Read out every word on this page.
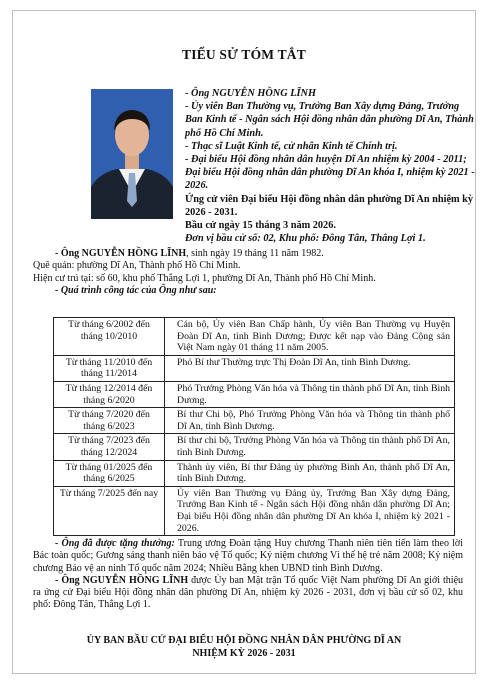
TIỂU SỬ TÓM TẮT

- Ông NGUYỄN HỒNG LĨNH

- Ủy viên Ban Thường vụ, Trưởng Ban Xây dựng Đảng, Trưởng Ban Kinh tế - Ngân sách Hội đồng nhân dân phường Dĩ An, Thành phố Hồ Chí Minh.

- Thạc sĩ Luật Kinh tế, cử nhân Kinh tế Chính trị.

- Đại biểu Hội đồng nhân dân huyện Dĩ An nhiệm kỳ 2004 - 2011; Đại biểu Hội đồng nhân dân phường Dĩ An khóa I, nhiệm kỳ 2021 - 2026.

Ứng cử viên Đại biểu Hội đồng nhân dân phường Dĩ An nhiệm kỳ 2026 - 2031.

Bầu cử ngày 15 tháng 3 năm 2026.

Đơn vị bầu cử số: 02, Khu phố: Đông Tân, Thắng Lợi 1.

- Ông NGUYỄN HỒNG LĨNH, sinh ngày 19 tháng 11 năm 1982.

Quê quán: phường Dĩ An, Thành phố Hồ Chí Minh.

Hiện cư trú tại: số 60, khu phố Thắng Lợi 1, phường Dĩ An, Thành phố Hồ Chí Minh.

- Quá trình công tác của Ông như sau:

Từ tháng 6/2002 đến tháng 10/2010	Cán bộ, Ủy viên Ban Chấp hành, Ủy viên Ban Thường vụ Huyện Đoàn Dĩ An, tỉnh Bình Dương; Được kết nạp vào Đảng Cộng sản Việt Nam ngày 01 tháng 11 năm 2005.
Từ tháng 11/2010 đến tháng 11/2014	Phó Bí thư Thường trực Thị Đoàn Dĩ An, tỉnh Bình Dương.
Từ tháng 12/2014 đến tháng 6/2020	Phó Trưởng Phòng Văn hóa và Thông tin thành phố Dĩ An, tỉnh Bình Dương.
Từ tháng 7/2020 đến tháng 6/2023	Bí thư Chi bộ, Phó Trưởng Phòng Văn hóa và Thông tin thành phố Dĩ An, tỉnh Bình Dương.
Từ tháng 7/2023 đến tháng 12/2024	Bí thư chi bộ, Trưởng Phòng Văn hóa và Thông tin thành phố Dĩ An, tỉnh Bình Dương.
Từ tháng 01/2025 đến tháng 6/2025	Thành ủy viên, Bí thư Đảng ủy phường Bình An, thành phố Dĩ An, tỉnh Bình Dương.
Từ tháng 7/2025 đến nay	Ủy viên Ban Thường vụ Đảng ủy, Trưởng Ban Xây dựng Đảng, Trưởng Ban Kinh tế - Ngân sách Hội đồng nhân dân phường Dĩ An; Đại biểu Hội đồng nhân dân phường Dĩ An khóa I, nhiệm kỳ 2021 - 2026.

- Ông đã được tặng thưởng: Trung ương Đoàn tặng Huy chương Thanh niên tiên tiến làm theo lời Bác toàn quốc; Gương sáng thanh niên bảo vệ Tổ quốc; Kỷ niệm chương Vì thế hệ trẻ năm 2008; Kỷ niệm chương Bảo vệ an ninh Tổ quốc năm 2024; Nhiều Bằng khen UBND tỉnh Bình Dương.

- Ông NGUYỄN HỒNG LĨNH được Ủy ban Mặt trận Tổ quốc Việt Nam phường Dĩ An giới thiệu ra ứng cử Đại biểu Hội đồng nhân dân phường Dĩ An, nhiệm kỳ 2026 - 2031, đơn vị bầu cử số 02, khu phố: Đông Tân, Thắng Lợi 1.

ỦY BAN BẦU CỬ ĐẠI BIỂU HỘI ĐỒNG NHÂN DÂN PHƯỜNG DĨ AN
NHIỆM KỲ 2026 - 2031
